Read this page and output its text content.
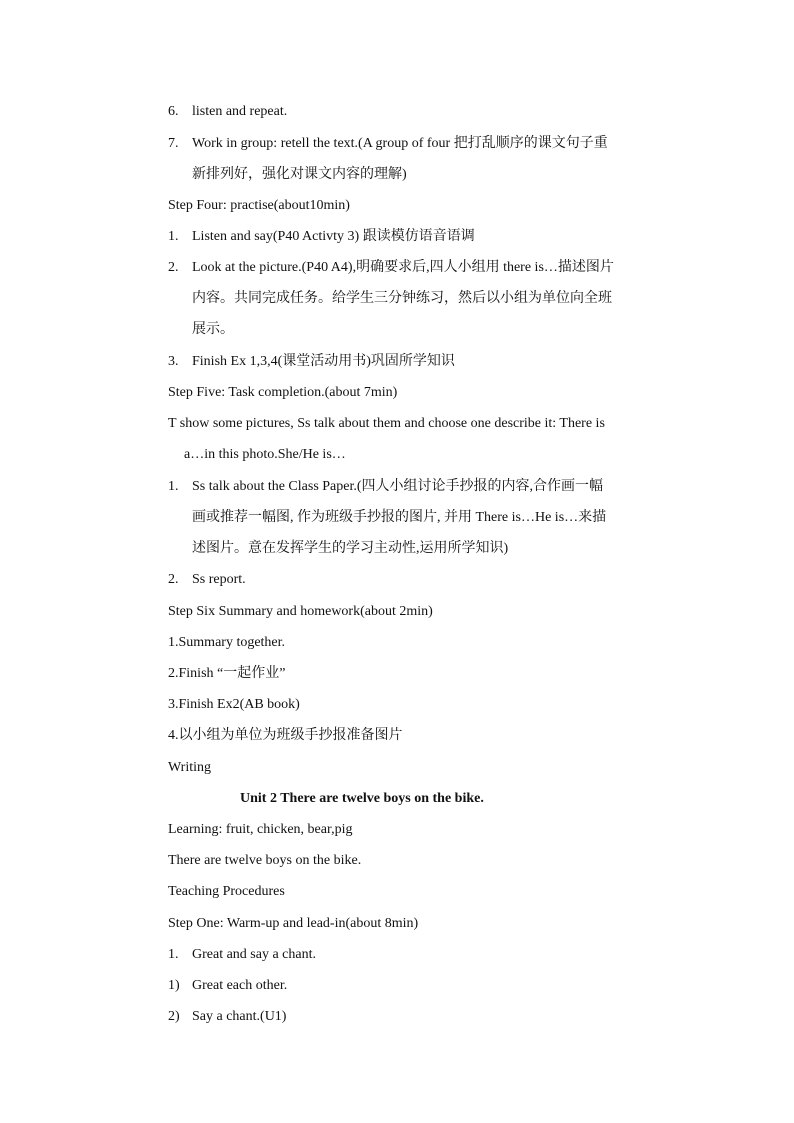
6. listen and repeat.
7. Work in group: retell the text.(A group of four 把打乱顺序的课文句子重
新排列好，强化对课文内容的理解)
Step Four: practise(about10min)
1. Listen and say(P40 Activty 3) 跟读模仿语音语调
2. Look at the picture.(P40 A4),明确要求后,四人小组用 there is…描述图片
内容。共同完成任务。给学生三分钟练习，然后以小组为单位向全班
展示。
3. Finish Ex 1,3,4(课堂活动用书)巩固所学知识
Step Five: Task completion.(about 7min)
T show some pictures, Ss talk about them and choose one describe it: There is
a…in this photo.She/He is…
1. Ss talk about the Class Paper.(四人小组讨论手抄报的内容,合作画一幅
画或推荐一幅图, 作为班级手抄报的图片, 并用 There is…He is…来描
述图片。意在发挥学生的学习主动性,运用所学知识)
2. Ss report.
Step Six Summary and homework(about 2min)
1.Summary together.
2.Finish “一起作业”
3.Finish Ex2(AB book)
4.以小组为单位为班级手抄报准备图片
Writing
Unit 2 There are twelve boys on the bike.
Learning: fruit, chicken, bear,pig
There are twelve boys on the bike.
Teaching Procedures
Step One: Warm-up and lead-in(about 8min)
1. Great and say a chant.
1) Great each other.
2) Say a chant.(U1)
